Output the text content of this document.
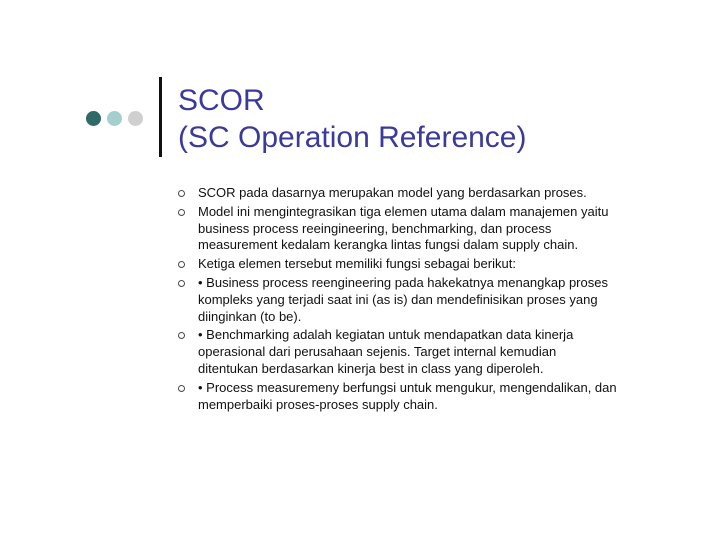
SCOR
(SC Operation Reference)
SCOR pada dasarnya merupakan model yang berdasarkan proses.
Model ini mengintegrasikan tiga elemen utama dalam manajemen yaitu business process reeingineering, benchmarking, dan process measurement kedalam kerangka lintas fungsi dalam supply chain.
Ketiga elemen tersebut memiliki fungsi sebagai berikut:
• Business process reengineering pada hakekatnya menangkap proses kompleks yang terjadi saat ini (as is) dan mendefinisikan proses yang diinginkan (to be).
• Benchmarking adalah kegiatan untuk mendapatkan data kinerja operasional dari perusahaan sejenis. Target internal kemudian ditentukan berdasarkan kinerja best in class yang diperoleh.
• Process measuremeny berfungsi untuk mengukur, mengendalikan, dan memperbaiki proses-proses supply chain.
